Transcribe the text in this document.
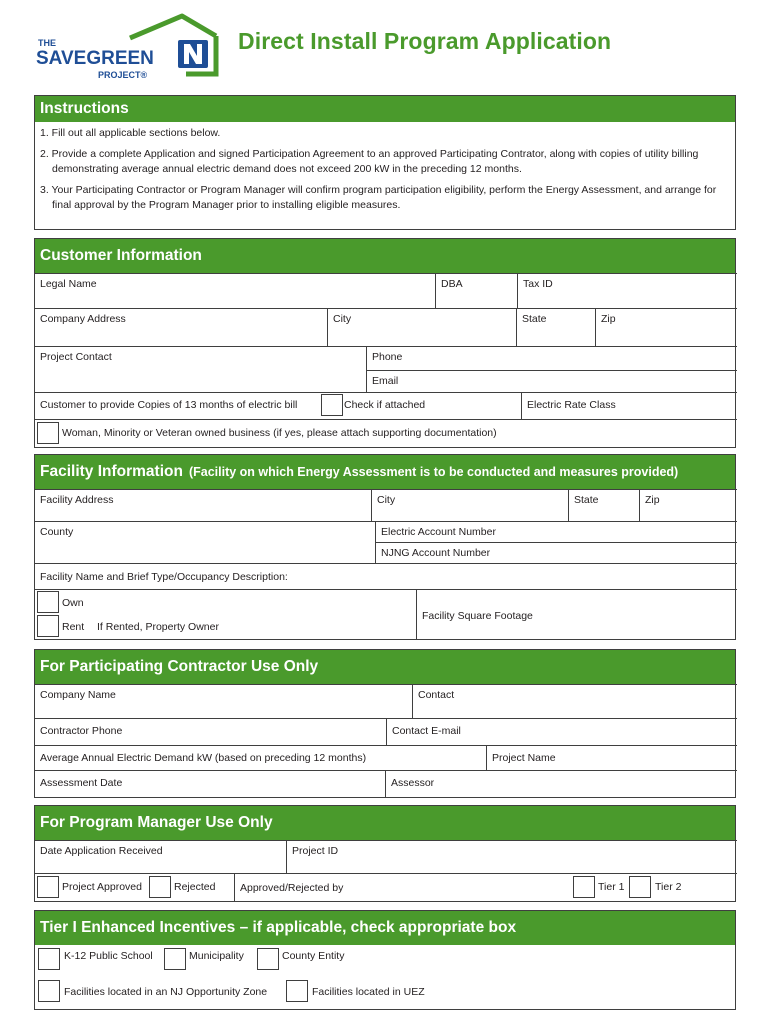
THE
SAVEGREEN
PROJECT®
Direct Install Program Application
Instructions

1. Fill out all applicable sections below.

2. Provide a complete Application and signed Participation Agreement to an approved Participating Contrator, along with copies of utility billing demonstrating average annual electric demand does not exceed 200 kW in the preceding 12 months.

3. Your Participating Contractor or Program Manager will confirm program participation eligibility, perform the Energy Assessment, and arrange for final approval by the Program Manager prior to installing eligible measures.

Customer Information
Legal Name	DBA	Tax ID
Company Address	City	State	Zip
Project Contact	Phone
Email
Customer to provide Copies of 13 months of electric bill	Check if attached	Electric Rate Class
Woman, Minority or Veteran owned business (if yes, please attach supporting documentation)
Facility Information (Facility on which Energy Assessment is to be conducted and measures provided)
Facility Address	City	State	Zip
County	Electric Account Number
NJNG Account Number
Facility Name and Brief Type/Occupancy Description:
Own
Rent If Rented, Property Owner
Facility Square Footage
For Participating Contractor Use Only
Company Name	Contact
Contractor Phone	Contact E-mail
Average Annual Electric Demand kW (based on preceding 12 months)	Project Name
Assessment Date	Assessor
For Program Manager Use Only
Date Application Received	Project ID
Project Approved	Rejected	Approved/Rejected by	Tier 1	Tier 2
Tier I Enhanced Incentives – if applicable, check appropriate box
K-12 Public School	Municipality	County Entity
Facilities located in an NJ Opportunity Zone	Facilities located in UEZ
